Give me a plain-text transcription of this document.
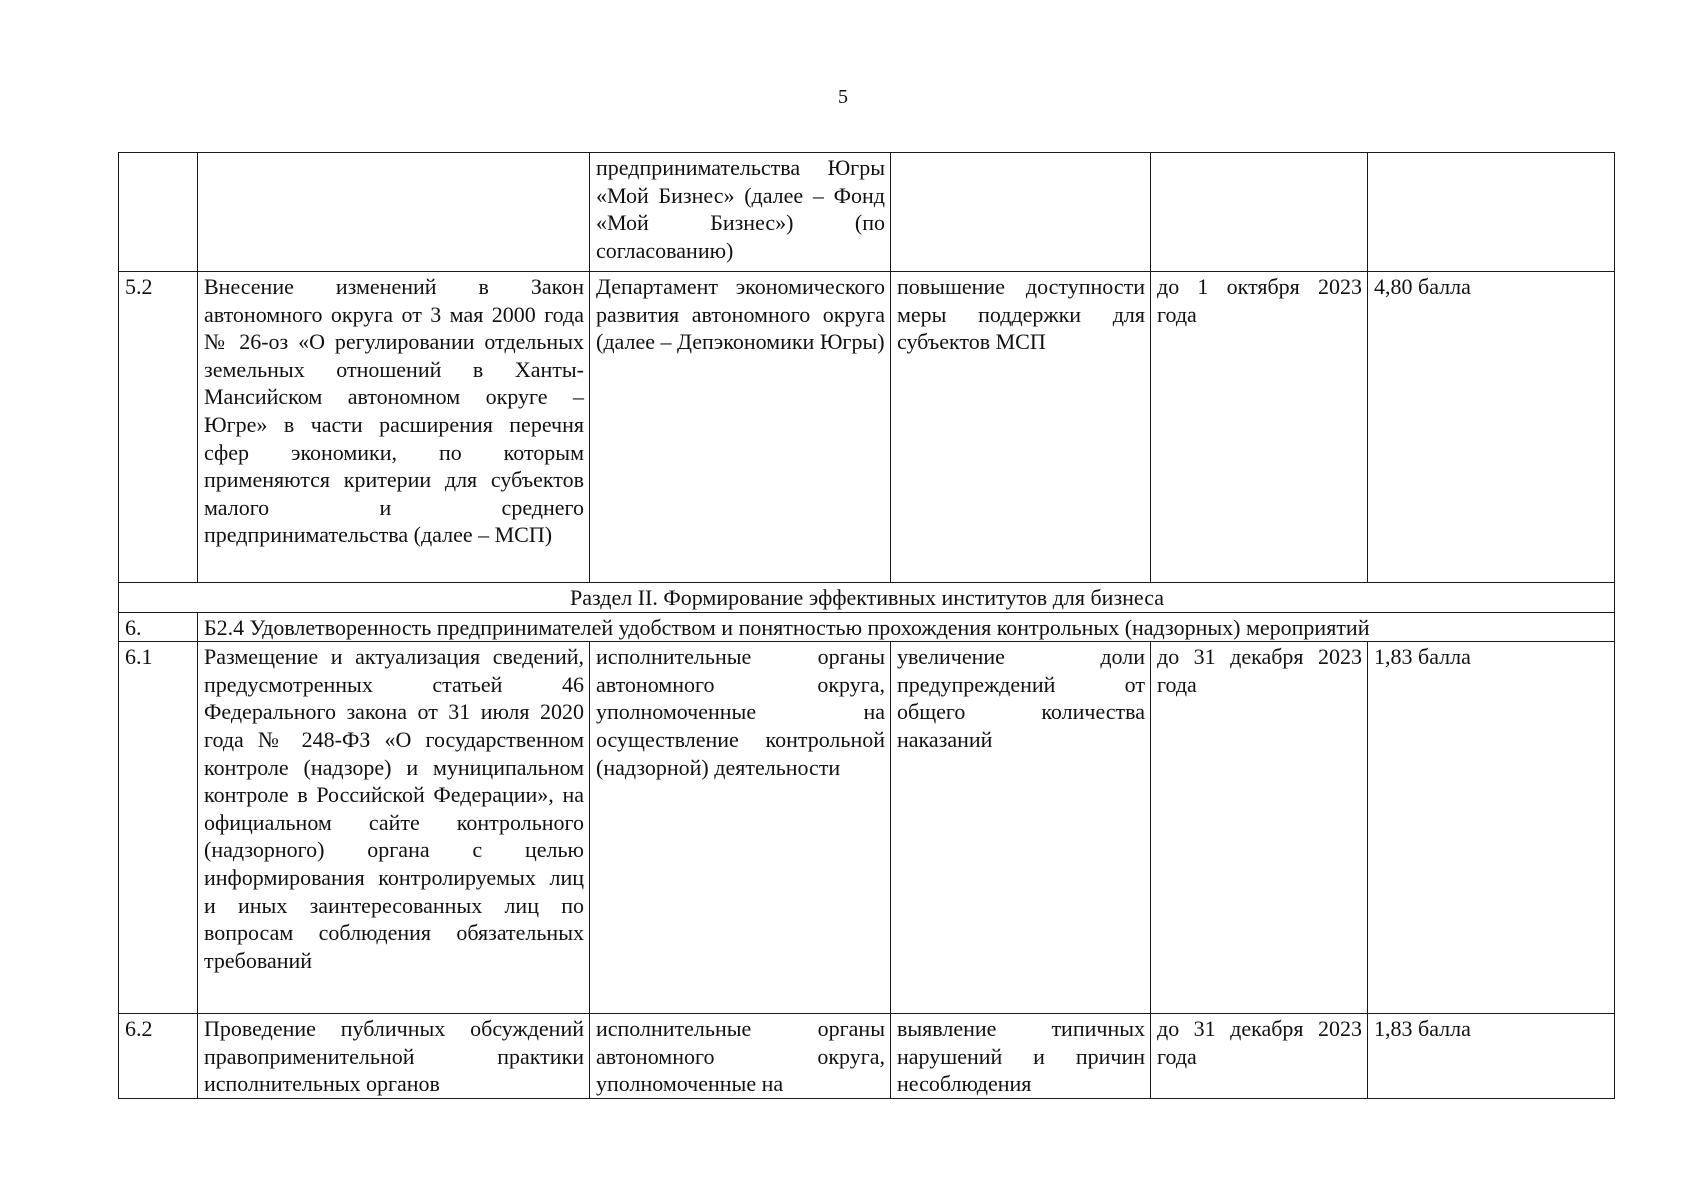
5
		предпринимательства Югры «Мой Бизнес» (далее – Фонд «Мой Бизнес») (по согласованию)			
5.2	Внесение изменений в Закон автономного округа от 3 мая 2000 года № 26-оз «О регулировании отдельных земельных отношений в Ханты-Мансийском автономном округе – Югре» в части расширения перечня сфер экономики, по которым применяются критерии для субъектов малого и среднего предпринимательства (далее – МСП)	Департамент экономического развития автономного округа (далее – Депэкономики Югры)	повышение доступности меры поддержки для субъектов МСП	до 1 октября 2023 года	4,80 балла
Раздел II. Формирование эффективных институтов для бизнеса					
6.	Б2.4 Удовлетворенность предпринимателей удобством и понятностью прохождения контрольных (надзорных) мероприятий				
6.1	Размещение и актуализация сведений, предусмотренных статьей 46 Федерального закона от 31 июля 2020 года № 248-ФЗ «О государственном контроле (надзоре) и муниципальном контроле в Российской Федерации», на официальном сайте контрольного (надзорного) органа с целью информирования контролируемых лиц и иных заинтересованных лиц по вопросам соблюдения обязательных требований	исполнительные органы автономного округа, уполномоченные на осуществление контрольной (надзорной) деятельности	увеличение доли предупреждений от общего количества наказаний	до 31 декабря 2023 года	1,83 балла
6.2	Проведение публичных обсуждений правоприменительной практики исполнительных органов	исполнительные органы автономного округа, уполномоченные на	выявление типичных нарушений и причин несоблюдения	до 31 декабря 2023 года	1,83 балла
